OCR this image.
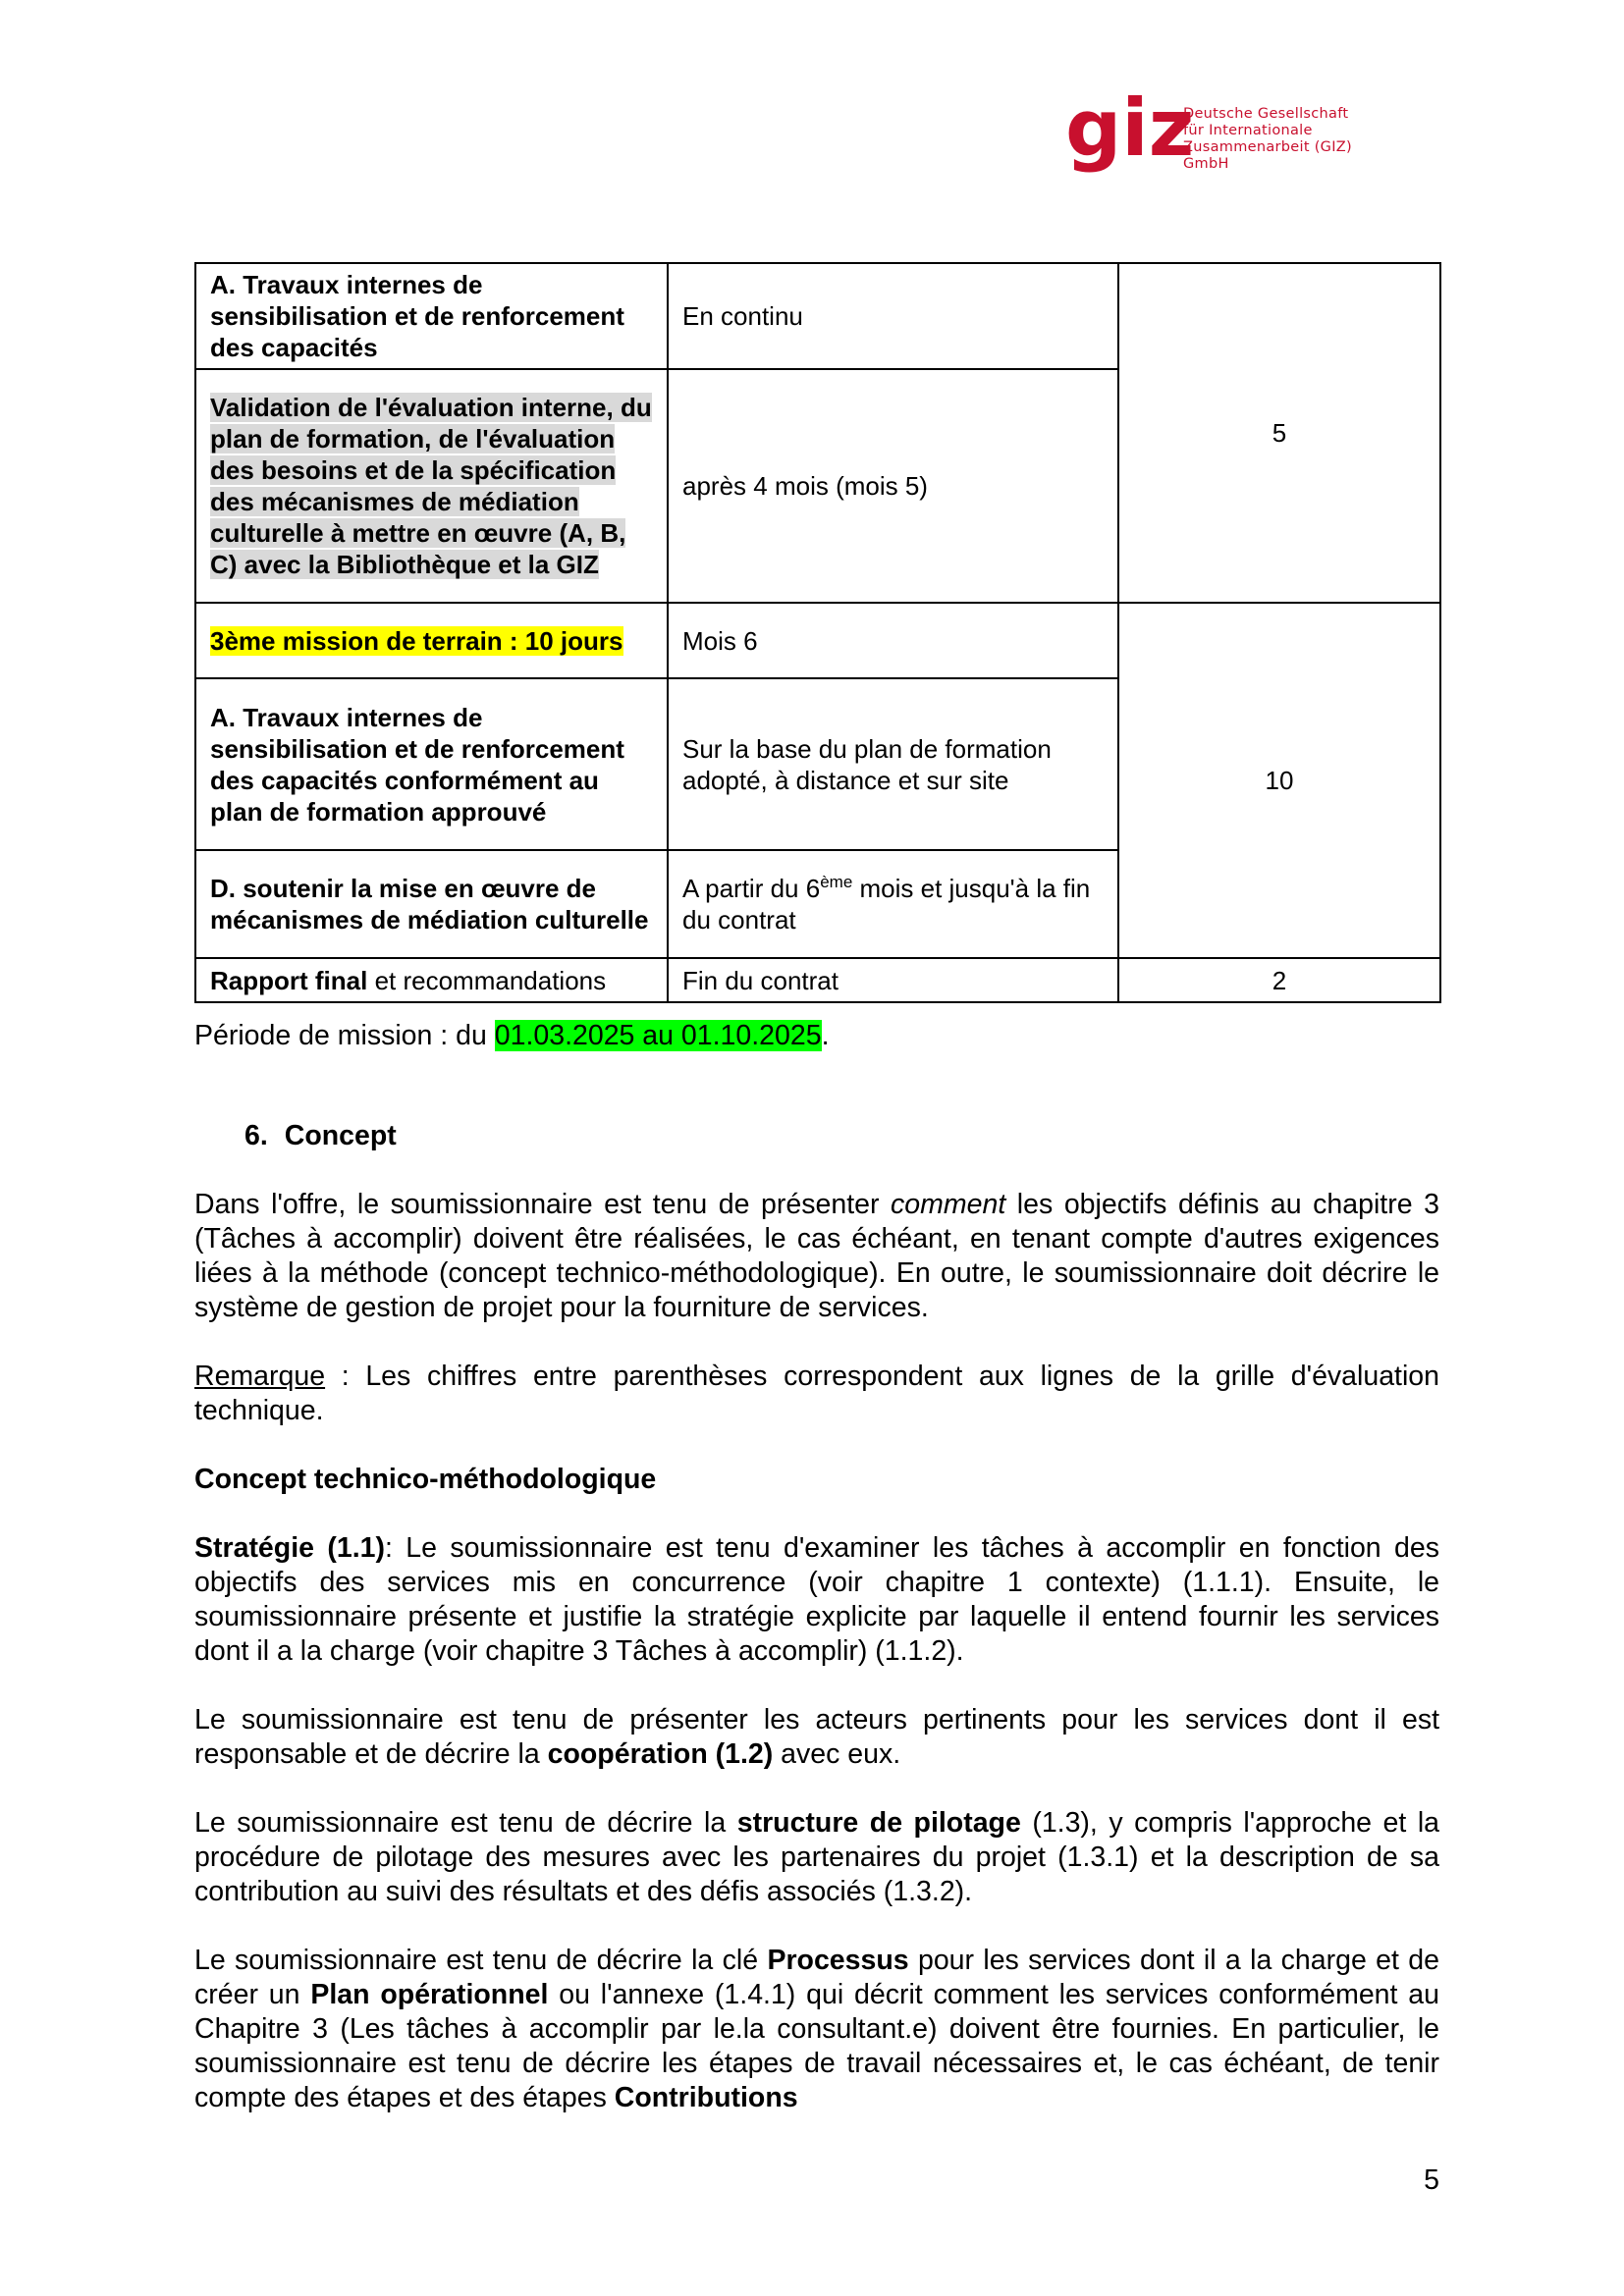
giz
Deutsche Gesellschaft
für Internationale
Zusammenarbeit (GIZ) GmbH
A. Travaux internes de sensibilisation et de renforcement des capacités	En continu	5
Validation de l'évaluation interne, du plan de formation, de l'évaluation des besoins et de la spécification des mécanismes de médiation culturelle à mettre en œuvre (A, B, C) avec la Bibliothèque et la GIZ	après 4 mois (mois 5)	
3ème mission de terrain : 10 jours	Mois 6	10
A. Travaux internes de sensibilisation et de renforcement des capacités conformément au plan de formation approuvé	Sur la base du plan de formation adopté, à distance et sur site	
D. soutenir la mise en œuvre de mécanismes de médiation culturelle	A partir du 6ème mois et jusqu'à la fin du contrat	
Rapport final et recommandations	Fin du contrat	2
Période de mission : du 01.03.2025 au 01.10.2025.
6. Concept
Dans l'offre, le soumissionnaire est tenu de présenter comment les objectifs définis au chapitre 3 (Tâches à accomplir) doivent être réalisées, le cas échéant, en tenant compte d'autres exigences liées à la méthode (concept technico-méthodologique). En outre, le soumissionnaire doit décrire le système de gestion de projet pour la fourniture de services.
Remarque : Les chiffres entre parenthèses correspondent aux lignes de la grille d'évaluation technique.
Concept technico-méthodologique
Stratégie (1.1): Le soumissionnaire est tenu d'examiner les tâches à accomplir en fonction des objectifs des services mis en concurrence (voir chapitre 1 contexte) (1.1.1). Ensuite, le soumissionnaire présente et justifie la stratégie explicite par laquelle il entend fournir les services dont il a la charge (voir chapitre 3 Tâches à accomplir) (1.1.2).
Le soumissionnaire est tenu de présenter les acteurs pertinents pour les services dont il est responsable et de décrire la coopération (1.2) avec eux.
Le soumissionnaire est tenu de décrire la structure de pilotage (1.3), y compris l'approche et la procédure de pilotage des mesures avec les partenaires du projet (1.3.1) et la description de sa contribution au suivi des résultats et des défis associés (1.3.2).
Le soumissionnaire est tenu de décrire la clé Processus pour les services dont il a la charge et de créer un Plan opérationnel ou l'annexe (1.4.1) qui décrit comment les services conformément au Chapitre 3 (Les tâches à accomplir par le.la consultant.e) doivent être fournies. En particulier, le soumissionnaire est tenu de décrire les étapes de travail nécessaires et, le cas échéant, de tenir compte des étapes et des étapes Contributions
5
